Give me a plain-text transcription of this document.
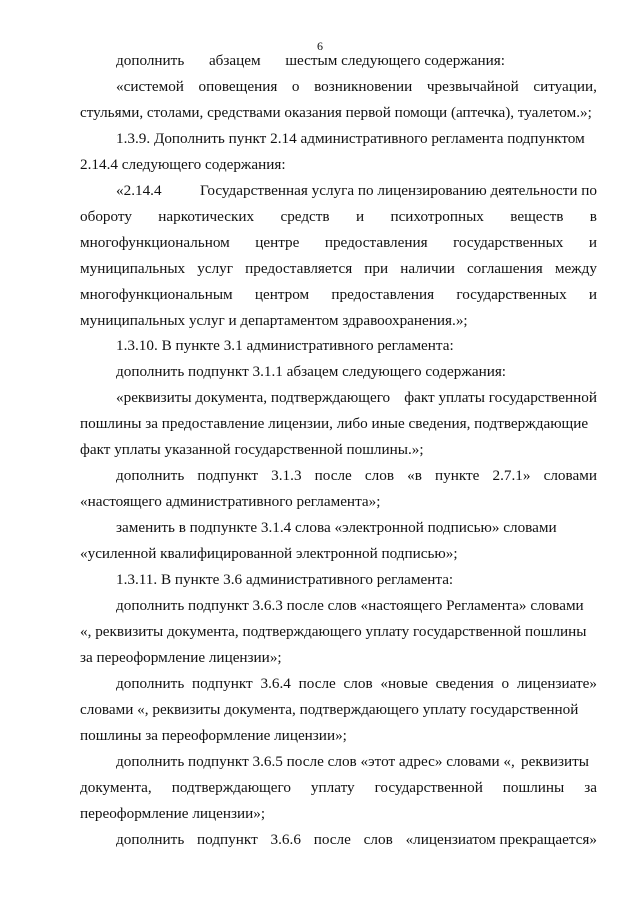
6
дополнить абзацем шестым следующего содержания:
«системой оповещения о возникновении чрезвычайной ситуации,
стульями, столами, средствами оказания первой помощи (аптечка), туалетом.»;
1.3.9. Дополнить пункт 2.14 административного регламента подпунктом
2.14.4 следующего содержания:
«2.14.4	Государственная услуга по лицензированию деятельности по
обороту наркотических средств и психотропных веществ в
многофункциональном центре предоставления государственных и
муниципальных услуг предоставляется при наличии соглашения между
многофункциональным центром предоставления государственных и
муниципальных услуг и департаментом здравоохранения.»;
1.3.10. В пункте 3.1 административного регламента:
дополнить подпункт 3.1.1 абзацем следующего содержания:
«реквизиты документа, подтверждающего факт уплаты государственной
пошлины за предоставление лицензии, либо иные сведения, подтверждающие
факт уплаты указанной государственной пошлины.»;
дополнить подпункт 3.1.3 после слов «в пункте 2.7.1» словами
«настоящего административного регламента»;
заменить в подпункте 3.1.4 слова «электронной подписью» словами
«усиленной квалифицированной электронной подписью»;
1.3.11. В пункте 3.6 административного регламента:
дополнить подпункт 3.6.3 после слов «настоящего Регламента» словами
«, реквизиты документа, подтверждающего уплату государственной пошлины
за переоформление лицензии»;
дополнить подпункт 3.6.4 после слов «новые сведения о лицензиате»
словами «, реквизиты документа, подтверждающего уплату государственной
пошлины за переоформление лицензии»;
дополнить подпункт 3.6.5 после слов «этот адрес» словами «, реквизиты
документа, подтверждающего уплату государственной пошлины за
переоформление лицензии»;
дополнить подпункт 3.6.6 после слов «лицензиатом прекращается»
